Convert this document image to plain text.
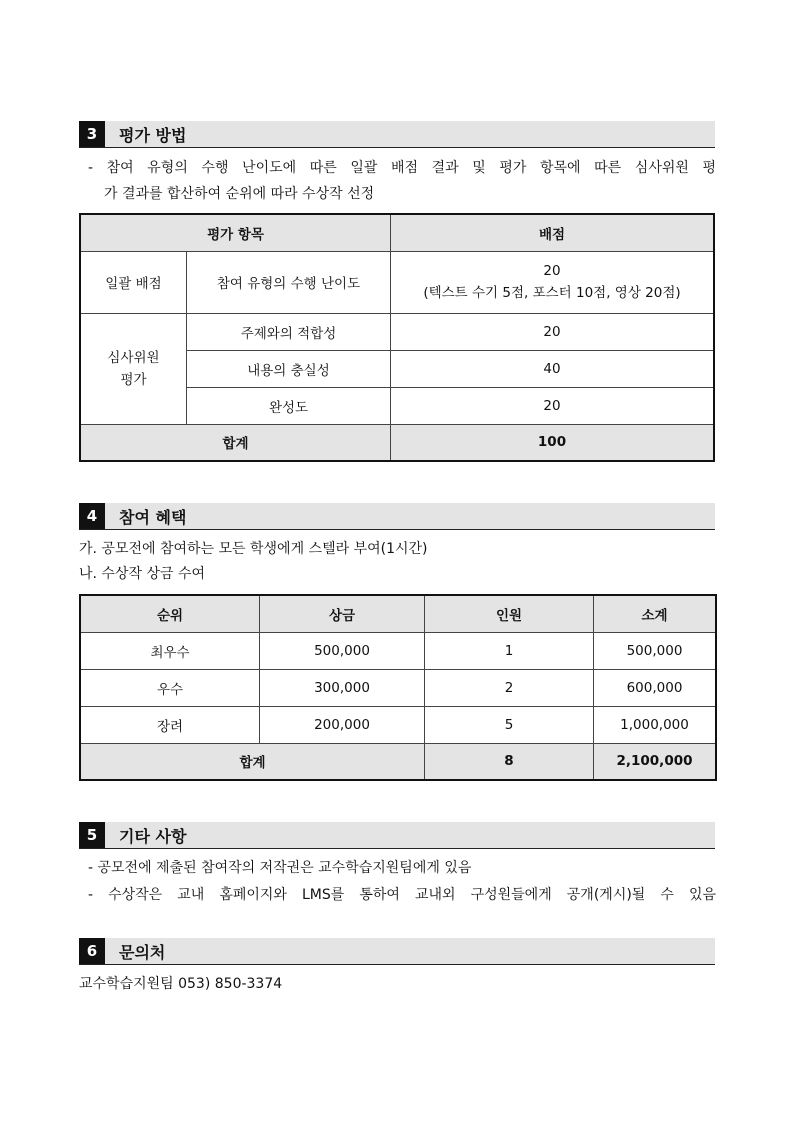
3	평가 방법
- 참여 유형의 수행 난이도에 따른 일괄 배점 결과 및 평가 항목에 따른 심사위원 평
가 결과를 합산하여 순위에 따라 수상작 선정
평가 항목		배점
일괄 배점	참여 유형의 수행 난이도	20
(텍스트 수기 5점, 포스터 10점, 영상 20점)

심사위원
평가	주제와의 적합성	20
	내용의 충실성	40
	완성도	20
합계		100
4	참여 혜택
가. 공모전에 참여하는 모든 학생에게 스텔라 부여(1시간)
나. 수상작 상금 수여
순위	상금	인원	소계
최우수	500,000	1	500,000
우수	300,000	2	600,000
장려	200,000	5	1,000,000
합계		8	2,100,000
5	기타 사항
- 공모전에 제출된 참여작의 저작권은 교수학습지원팀에게 있음
- 수상작은 교내 홈페이지와 LMS를 통하여 교내외 구성원들에게 공개(게시)될 수 있음
6	문의처
교수학습지원팀 053) 850-3374
